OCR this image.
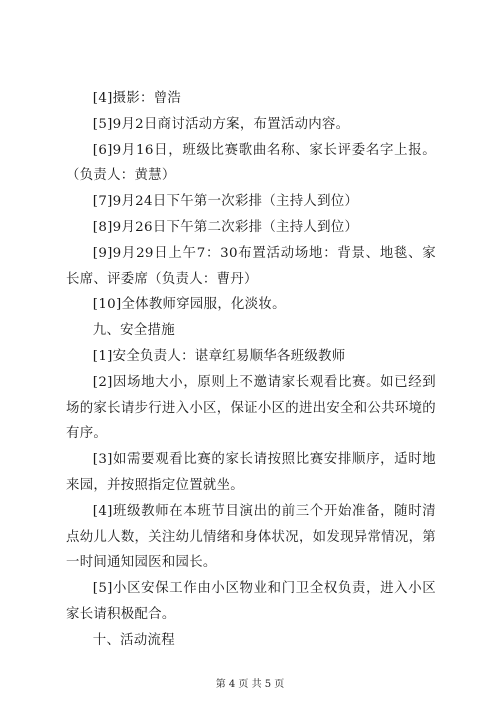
[4]摄影：曾浩

[5]9月2日商讨活动方案，布置活动内容。

[6]9月16日，班级比赛歌曲名称、家长评委名字上报。（负责人：黄慧）

[7]9月24日下午第一次彩排（主持人到位）

[8]9月26日下午第二次彩排（主持人到位）

[9]9月29日上午7：30布置活动场地：背景、地毯、家长席、评委席（负责人：曹丹）

[10]全体教师穿园服，化淡妆。

九、安全措施

[1]安全负责人：谌章红易顺华各班级教师

[2]因场地大小，原则上不邀请家长观看比赛。如已经到场的家长请步行进入小区，保证小区的进出安全和公共环境的有序。

[3]如需要观看比赛的家长请按照比赛安排顺序，适时地来园，并按照指定位置就坐。

[4]班级教师在本班节目演出的前三个开始准备，随时清点幼儿人数，关注幼儿情绪和身体状况，如发现异常情况，第一时间通知园医和园长。

[5]小区安保工作由小区物业和门卫全权负责，进入小区家长请积极配合。

十、活动流程

第 4 页 共 5 页
